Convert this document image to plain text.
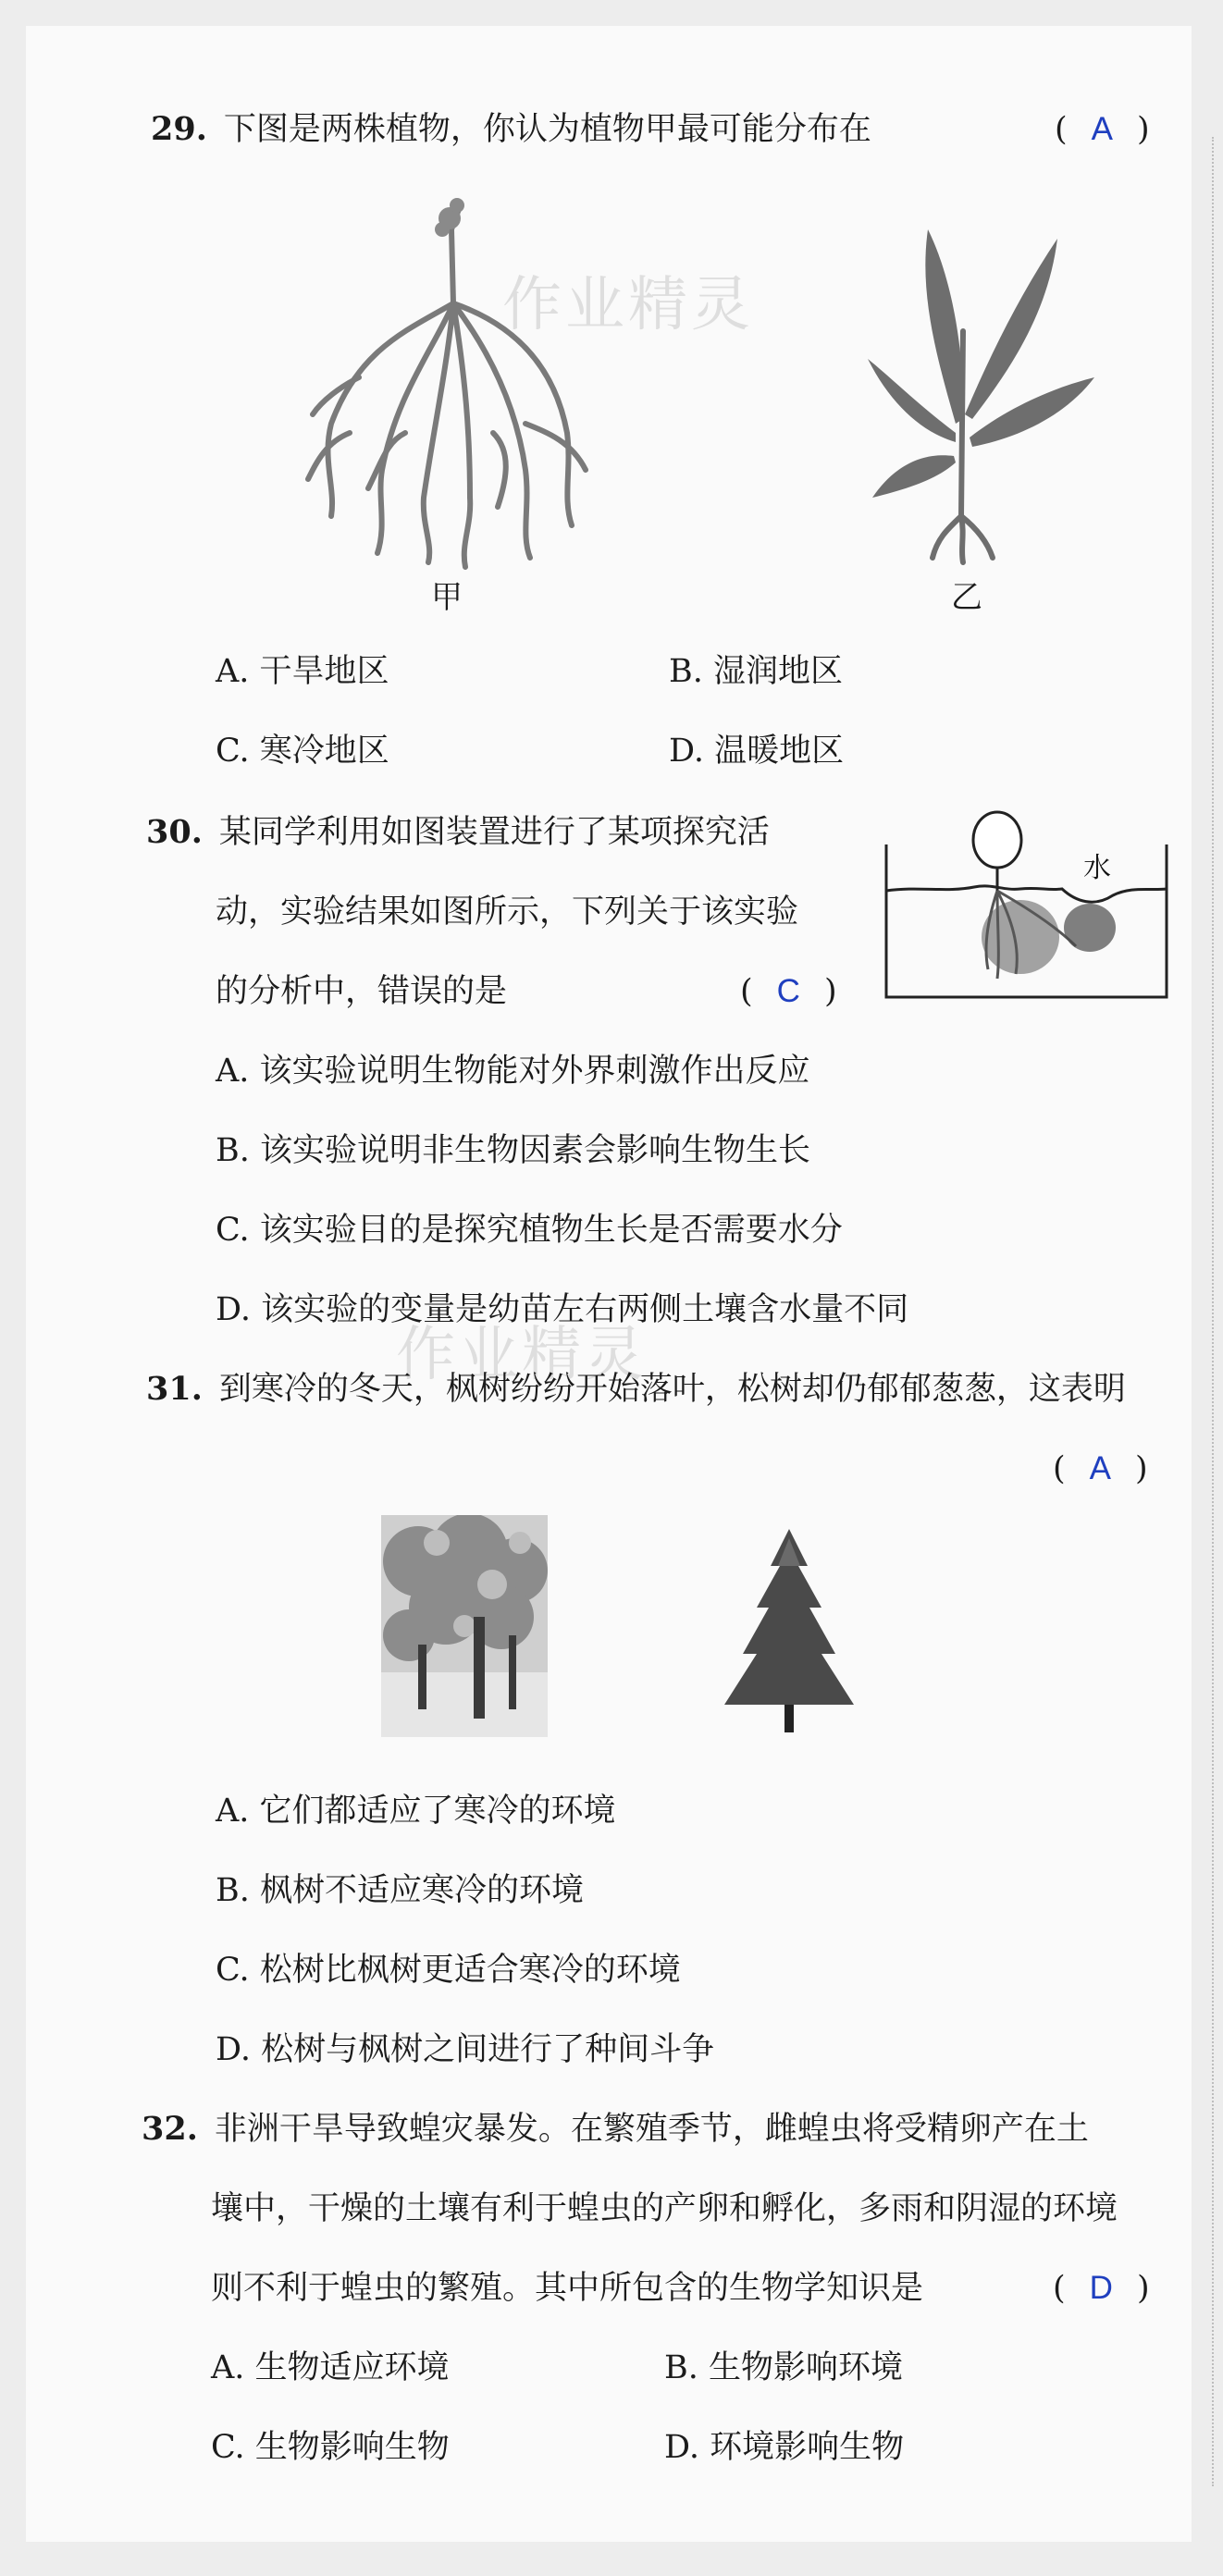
29. 下图是两株植物，你认为植物甲最可能分布在	( A )
甲	乙
A. 干旱地区	B. 湿润地区
C. 寒冷地区	D. 温暖地区
作业精灵
30. 某同学利用如图装置进行了某项探究活
动，实验结果如图所示，下列关于该实验
的分析中，错误的是	( C )
水
A. 该实验说明生物能对外界刺激作出反应
B. 该实验说明非生物因素会影响生物生长
C. 该实验目的是探究植物生长是否需要水分
D. 该实验的变量是幼苗左右两侧土壤含水量不同
作业精灵
31. 到寒冷的冬天，枫树纷纷开始落叶，松树却仍郁郁葱葱，这表明
( A )
A. 它们都适应了寒冷的环境
B. 枫树不适应寒冷的环境
C. 松树比枫树更适合寒冷的环境
D. 松树与枫树之间进行了种间斗争
32. 非洲干旱导致蝗灾暴发。在繁殖季节，雌蝗虫将受精卵产在土
壤中，干燥的土壤有利于蝗虫的产卵和孵化，多雨和阴湿的环境
则不利于蝗虫的繁殖。其中所包含的生物学知识是	( D )
A. 生物适应环境	B. 生物影响环境
C. 生物影响生物	D. 环境影响生物
